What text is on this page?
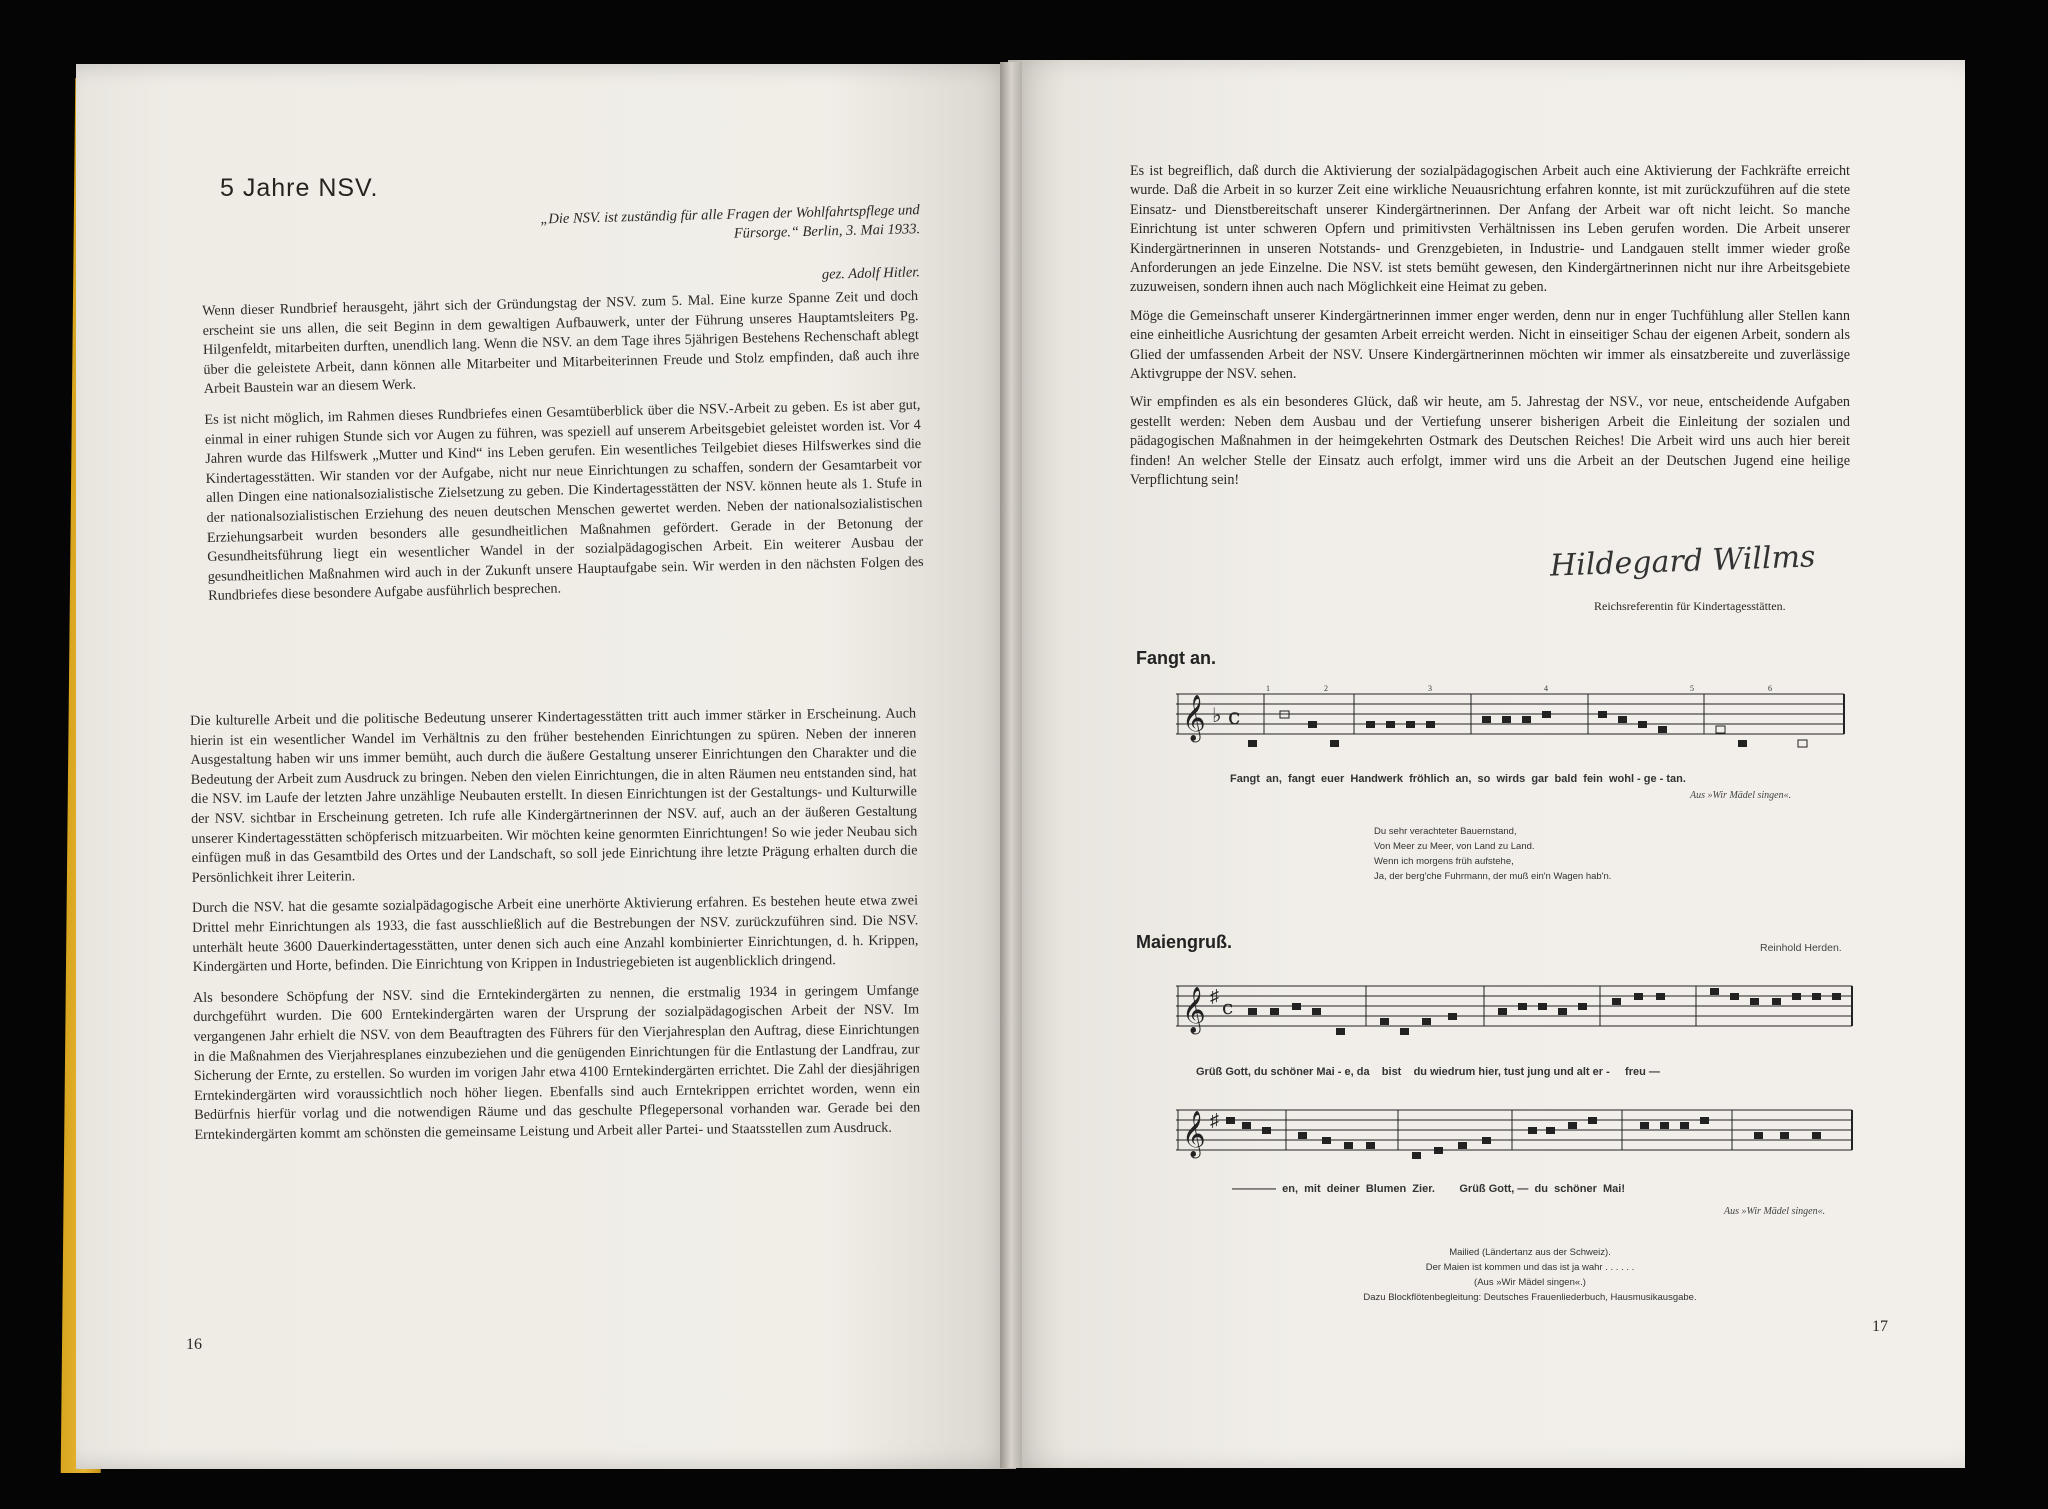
5 Jahre NSV.
„Die NSV. ist zuständig für alle Fragen der Wohlfahrtspflege und Fürsorge.“ Berlin, 3. Mai 1933.
gez. Adolf Hitler.

Wenn dieser Rundbrief herausgeht, jährt sich der Gründungstag der NSV. zum 5. Mal. Eine kurze Spanne Zeit und doch erscheint sie uns allen, die seit Beginn in dem gewaltigen Aufbauwerk, unter der Führung unseres Hauptamtsleiters Pg. Hilgenfeldt, mitarbeiten durften, unendlich lang. Wenn die NSV. an dem Tage ihres 5jährigen Bestehens Rechenschaft ablegt über die geleistete Arbeit, dann können alle Mitarbeiter und Mitarbeiterinnen Freude und Stolz empfinden, daß auch ihre Arbeit Baustein war an diesem Werk.

Es ist nicht möglich, im Rahmen dieses Rundbriefes einen Gesamtüberblick über die NSV.-Arbeit zu geben. Es ist aber gut, einmal in einer ruhigen Stunde sich vor Augen zu führen, was speziell auf unserem Arbeitsgebiet geleistet worden ist. Vor 4 Jahren wurde das Hilfswerk „Mutter und Kind“ ins Leben gerufen. Ein wesentliches Teilgebiet dieses Hilfswerkes sind die Kindertagesstätten. Wir standen vor der Aufgabe, nicht nur neue Einrichtungen zu schaffen, sondern der Gesamtarbeit vor allen Dingen eine nationalsozialistische Zielsetzung zu geben. Die Kindertagesstätten der NSV. können heute als 1. Stufe in der nationalsozialistischen Erziehung des neuen deutschen Menschen gewertet werden. Neben der nationalsozialistischen Erziehungsarbeit wurden besonders alle gesundheitlichen Maßnahmen gefördert. Gerade in der Betonung der Gesundheitsführung liegt ein wesentlicher Wandel in der sozialpädagogischen Arbeit. Ein weiterer Ausbau der gesundheitlichen Maßnahmen wird auch in der Zukunft unsere Hauptaufgabe sein. Wir werden in den nächsten Folgen des Rundbriefes diese besondere Aufgabe ausführlich besprechen.

Die kulturelle Arbeit und die politische Bedeutung unserer Kindertagesstätten tritt auch immer stärker in Erscheinung. Auch hierin ist ein wesentlicher Wandel im Verhältnis zu den früher bestehenden Einrichtungen zu spüren. Neben der inneren Ausgestaltung haben wir uns immer bemüht, auch durch die äußere Gestaltung unserer Einrichtungen den Charakter und die Bedeutung der Arbeit zum Ausdruck zu bringen. Neben den vielen Einrichtungen, die in alten Räumen neu entstanden sind, hat die NSV. im Laufe der letzten Jahre unzählige Neubauten erstellt. In diesen Einrichtungen ist der Gestaltungs- und Kulturwille der NSV. sichtbar in Erscheinung getreten. Ich rufe alle Kindergärtnerinnen der NSV. auf, auch an der äußeren Gestaltung unserer Kindertagesstätten schöpferisch mitzuarbeiten. Wir möchten keine genormten Einrichtungen! So wie jeder Neubau sich einfügen muß in das Gesamtbild des Ortes und der Landschaft, so soll jede Einrichtung ihre letzte Prägung erhalten durch die Persönlichkeit ihrer Leiterin.

Durch die NSV. hat die gesamte sozialpädagogische Arbeit eine unerhörte Aktivierung erfahren. Es bestehen heute etwa zwei Drittel mehr Einrichtungen als 1933, die fast ausschließlich auf die Bestrebungen der NSV. zurückzuführen sind. Die NSV. unterhält heute 3600 Dauerkindertagesstätten, unter denen sich auch eine Anzahl kombinierter Einrichtungen, d. h. Krippen, Kindergärten und Horte, befinden. Die Einrichtung von Krippen in Industriegebieten ist augenblicklich dringend.

Als besondere Schöpfung der NSV. sind die Erntekindergärten zu nennen, die erstmalig 1934 in geringem Umfange durchgeführt wurden. Die 600 Erntekindergärten waren der Ursprung der sozialpädagogischen Arbeit der NSV. Im vergangenen Jahr erhielt die NSV. von dem Beauftragten des Führers für den Vierjahresplan den Auftrag, diese Einrichtungen in die Maßnahmen des Vierjahresplanes einzubeziehen und die genügenden Einrichtungen für die Entlastung der Landfrau, zur Sicherung der Ernte, zu erstellen. So wurden im vorigen Jahr etwa 4100 Erntekindergärten errichtet. Die Zahl der diesjährigen Erntekindergärten wird voraussichtlich noch höher liegen. Ebenfalls sind auch Erntekrippen errichtet worden, wenn ein Bedürfnis hierfür vorlag und die notwendigen Räume und das geschulte Pflegepersonal vorhanden war. Gerade bei den Erntekindergärten kommt am schönsten die gemeinsame Leistung und Arbeit aller Partei- und Staatsstellen zum Ausdruck.

16

Es ist begreiflich, daß durch die Aktivierung der sozialpädagogischen Arbeit auch eine Aktivierung der Fachkräfte erreicht wurde. Daß die Arbeit in so kurzer Zeit eine wirkliche Neuausrichtung erfahren konnte, ist mit zurückzuführen auf die stete Einsatz- und Dienstbereitschaft unserer Kindergärtnerinnen. Der Anfang der Arbeit war oft nicht leicht. So manche Einrichtung ist unter schweren Opfern und primitivsten Verhältnissen ins Leben gerufen worden. Die Arbeit unserer Kindergärtnerinnen in unseren Notstands- und Grenzgebieten, in Industrie- und Landgauen stellt immer wieder große Anforderungen an jede Einzelne. Die NSV. ist stets bemüht gewesen, den Kindergärtnerinnen nicht nur ihre Arbeitsgebiete zuzuweisen, sondern ihnen auch nach Möglichkeit eine Heimat zu geben.

Möge die Gemeinschaft unserer Kindergärtnerinnen immer enger werden, denn nur in enger Tuchfühlung aller Stellen kann eine einheitliche Ausrichtung der gesamten Arbeit erreicht werden. Nicht in einseitiger Schau der eigenen Arbeit, sondern als Glied der umfassenden Arbeit der NSV. Unsere Kindergärtnerinnen möchten wir immer als einsatzbereite und zuverlässige Aktivgruppe der NSV. sehen.

Wir empfinden es als ein besonderes Glück, daß wir heute, am 5. Jahrestag der NSV., vor neue, entscheidende Aufgaben gestellt werden: Neben dem Ausbau und der Vertiefung unserer bisherigen Arbeit die Einleitung der sozialen und pädagogischen Maßnahmen in der heimgekehrten Ostmark des Deutschen Reiches! Die Arbeit wird uns auch hier bereit finden! An welcher Stelle der Einsatz auch erfolgt, immer wird uns die Arbeit an der Deutschen Jugend eine heilige Verpflichtung sein!

Hildegard Willms
Reichsreferentin für Kindertagesstätten.
Fangt an.
𝄞 ♭ c
1	2	3	4	5	6
Fangt  an,  fangt  euer  Handwerk  fröhlich  an,  so  wirds  gar  bald  fein  wohl - ge - tan.
Aus »Wir Mädel singen«.
Du sehr verachteter Bauernstand,
Von Meer zu Meer, von Land zu Land.
Wenn ich morgens früh aufstehe,
Ja, der berg'che Fuhrmann, der muß ein'n Wagen hab'n.
Maiengruß.	Reinhold Herden.
𝄞 ♯ c
Grüß Gott, du schöner Mai - e, da    bist    du wiedrum hier, tust jung und alt er -     freu —
𝄞 ♯
————  en,  mit  deiner  Blumen  Zier.        Grüß Gott, —  du  schöner  Mai!
Aus »Wir Mädel singen«.
Mailied (Ländertanz aus der Schweiz).
Der Maien ist kommen und das ist ja wahr . . . . . .
(Aus »Wir Mädel singen«.)
Dazu Blockflötenbegleitung: Deutsches Frauenliederbuch, Hausmusikausgabe.
17
